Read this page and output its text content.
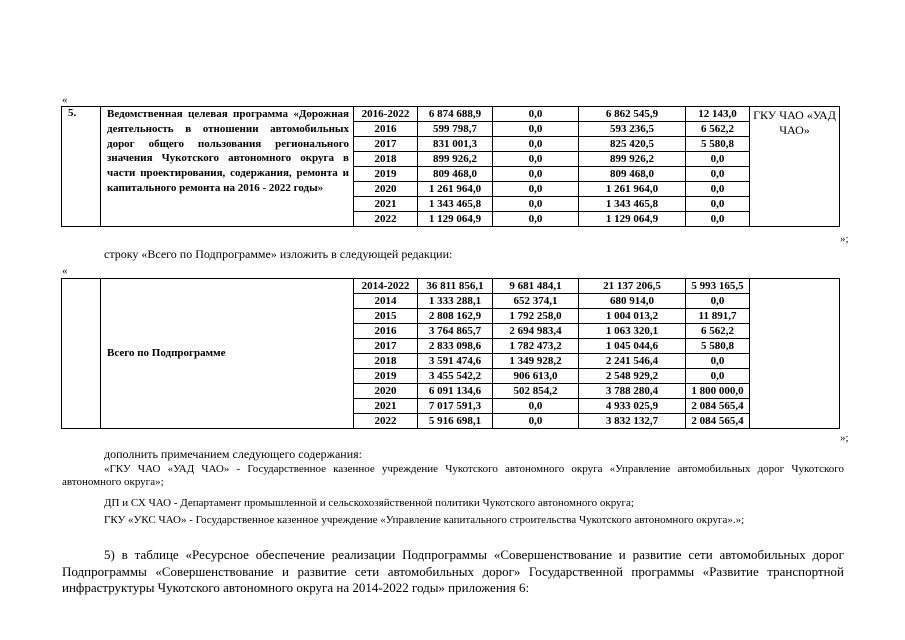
«
5.	Ведомственная целевая программа «Дорожная деятельность в отношении автомобильных дорог общего пользования регионального значения Чукотского автономного округа в части проектирования, содержания, ремонта и капитального ремонта на 2016 - 2022 годы»	2016-2022	6 874 688,9	0,0	6 862 545,9	12 143,0	ГКУ ЧАО «УАД ЧАО»
		2016	599 798,7	0,0	593 236,5	6 562,2	
		2017	831 001,3	0,0	825 420,5	5 580,8	
		2018	899 926,2	0,0	899 926,2	0,0	
		2019	809 468,0	0,0	809 468,0	0,0	
		2020	1 261 964,0	0,0	1 261 964,0	0,0	
		2021	1 343 465,8	0,0	1 343 465,8	0,0	
		2022	1 129 064,9	0,0	1 129 064,9	0,0	
»;
строку «Всего по Подпрограмме» изложить в следующей редакции:
«
	Всего по Подпрограмме	2014-2022	36 811 856,1	9 681 484,1	21 137 206,5	5 993 165,5	
		2014	1 333 288,1	652 374,1	680 914,0	0,0	
		2015	2 808 162,9	1 792 258,0	1 004 013,2	11 891,7	
		2016	3 764 865,7	2 694 983,4	1 063 320,1	6 562,2	
		2017	2 833 098,6	1 782 473,2	1 045 044,6	5 580,8	
		2018	3 591 474,6	1 349 928,2	2 241 546,4	0,0	
		2019	3 455 542,2	906 613,0	2 548 929,2	0,0	
		2020	6 091 134,6	502 854,2	3 788 280,4	1 800 000,0	
		2021	7 017 591,3	0,0	4 933 025,9	2 084 565,4	
		2022	5 916 698,1	0,0	3 832 132,7	2 084 565,4	
»;
дополнить примечанием следующего содержания:
«ГКУ ЧАО «УАД ЧАО» - Государственное казенное учреждение Чукотского автономного округа «Управление автомобильных дорог Чукотского автономного округа»;
ДП и СХ ЧАО - Департамент промышленной и сельскохозяйственной политики Чукотского автономного округа;
ГКУ «УКС ЧАО» - Государственное казенное учреждение «Управление капитального строительства Чукотского автономного округа».»;
5) в таблице «Ресурсное обеспечение реализации Подпрограммы «Совершенствование и развитие сети автомобильных дорог Подпрограммы «Совершенствование и развитие сети автомобильных дорог» Государственной программы «Развитие транспортной инфраструктуры Чукотского автономного округа на 2014-2022 годы» приложения 6:
